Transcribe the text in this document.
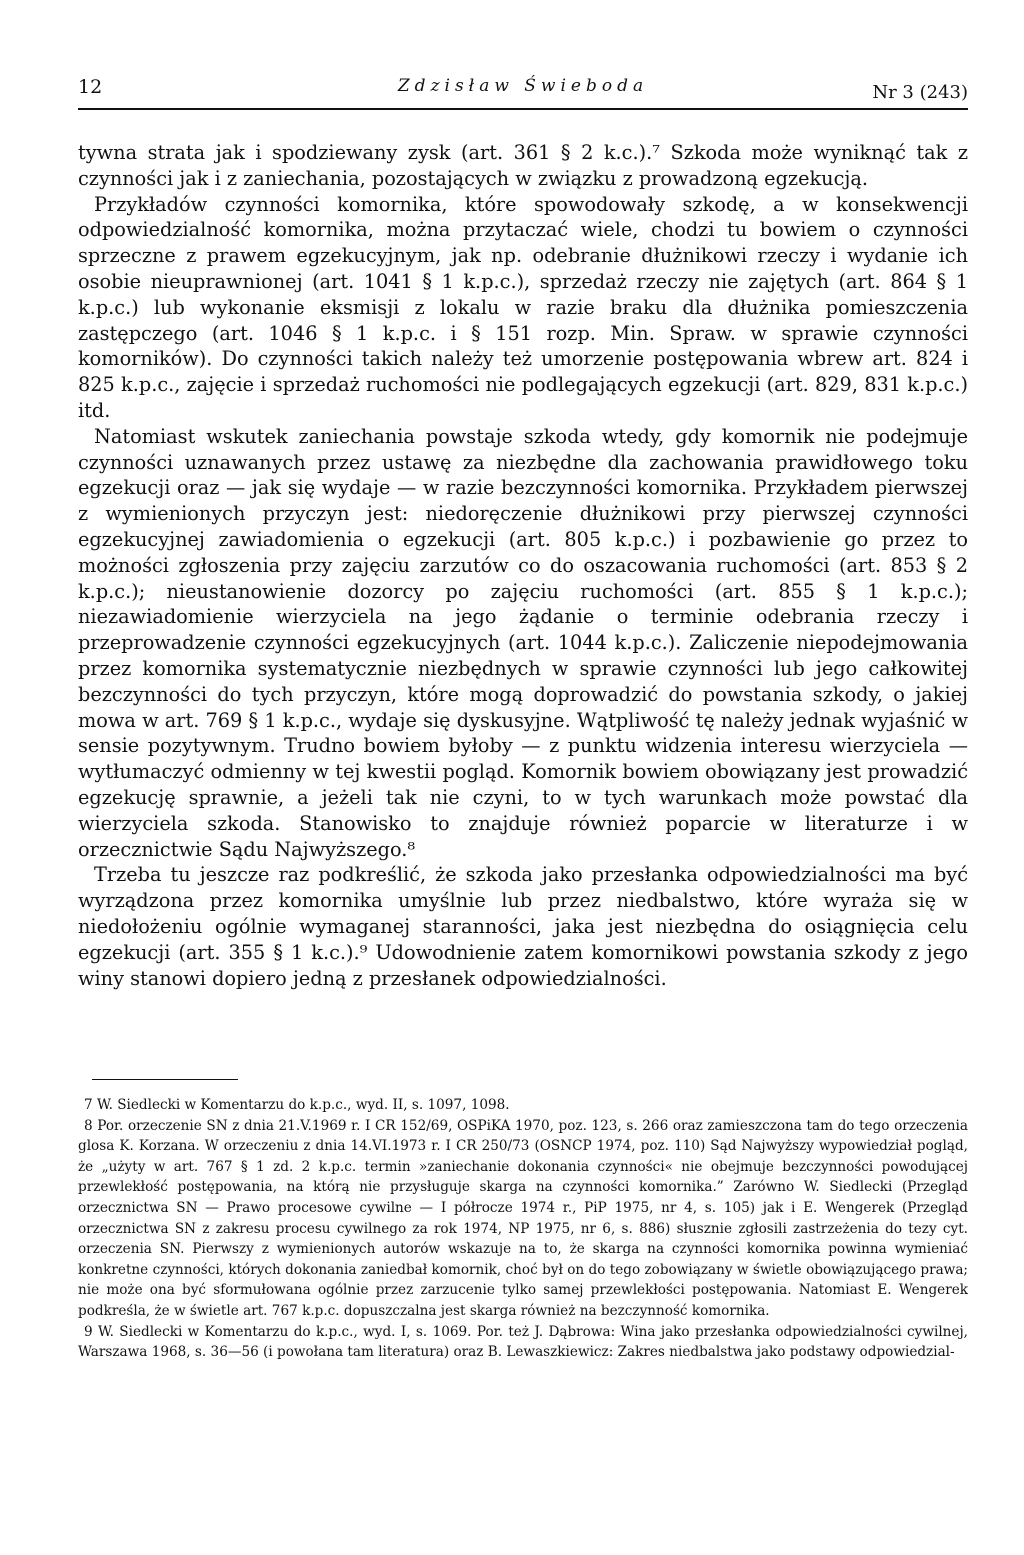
12	Zdzisław Świeboda	Nr 3 (243)

tywna strata jak i spodziewany zysk (art. 361 § 2 k.c.).⁷ Szkoda może wyniknąć tak z czynności jak i z zaniechania, pozostających w związku z prowadzoną egzekucją.

Przykładów czynności komornika, które spowodowały szkodę, a w konsekwencji odpowiedzialność komornika, można przytaczać wiele, chodzi tu bowiem o czynności sprzeczne z prawem egzekucyjnym, jak np. odebranie dłużnikowi rzeczy i wydanie ich osobie nieuprawnionej (art. 1041 § 1 k.p.c.), sprzedaż rzeczy nie zajętych (art. 864 § 1 k.p.c.) lub wykonanie eksmisji z lokalu w razie braku dla dłużnika pomieszczenia zastępczego (art. 1046 § 1 k.p.c. i § 151 rozp. Min. Spraw. w sprawie czynności komorników). Do czynności takich należy też umorzenie postępowania wbrew art. 824 i 825 k.p.c., zajęcie i sprzedaż ruchomości nie podlegających egzekucji (art. 829, 831 k.p.c.) itd.

Natomiast wskutek zaniechania powstaje szkoda wtedy, gdy komornik nie podejmuje czynności uznawanych przez ustawę za niezbędne dla zachowania prawidłowego toku egzekucji oraz — jak się wydaje — w razie bezczynności komornika. Przykładem pierwszej z wymienionych przyczyn jest: niedoręczenie dłużnikowi przy pierwszej czynności egzekucyjnej zawiadomienia o egzekucji (art. 805 k.p.c.) i pozbawienie go przez to możności zgłoszenia przy zajęciu zarzutów co do oszacowania ruchomości (art. 853 § 2 k.p.c.); nieustanowienie dozorcy po zajęciu ruchomości (art. 855 § 1 k.p.c.); niezawiadomienie wierzyciela na jego żądanie o terminie odebrania rzeczy i przeprowadzenie czynności egzekucyjnych (art. 1044 k.p.c.). Zaliczenie niepodejmowania przez komornika systematycznie niezbędnych w sprawie czynności lub jego całkowitej bezczynności do tych przyczyn, które mogą doprowadzić do powstania szkody, o jakiej mowa w art. 769 § 1 k.p.c., wydaje się dyskusyjne. Wątpliwość tę należy jednak wyjaśnić w sensie pozytywnym. Trudno bowiem byłoby — z punktu widzenia interesu wierzyciela — wytłumaczyć odmienny w tej kwestii pogląd. Komornik bowiem obowiązany jest prowadzić egzekucję sprawnie, a jeżeli tak nie czyni, to w tych warunkach może powstać dla wierzyciela szkoda. Stanowisko to znajduje również poparcie w literaturze i w orzecznictwie Sądu Najwyższego.⁸

Trzeba tu jeszcze raz podkreślić, że szkoda jako przesłanka odpowiedzialności ma być wyrządzona przez komornika umyślnie lub przez niedbalstwo, które wyraża się w niedołożeniu ogólnie wymaganej staranności, jaka jest niezbędna do osiągnięcia celu egzekucji (art. 355 § 1 k.c.).⁹ Udowodnienie zatem komornikowi powstania szkody z jego winy stanowi dopiero jedną z przesłanek odpowiedzialności.

7 W. Siedlecki w Komentarzu do k.p.c., wyd. II, s. 1097, 1098.

8 Por. orzeczenie SN z dnia 21.V.1969 r. I CR 152/69, OSPiKA 1970, poz. 123, s. 266 oraz zamieszczona tam do tego orzeczenia glosa K. Korzana. W orzeczeniu z dnia 14.VI.1973 r. I CR 250/73 (OSNCP 1974, poz. 110) Sąd Najwyższy wypowiedział pogląd, że „użyty w art. 767 § 1 zd. 2 k.p.c. termin »zaniechanie dokonania czynności« nie obejmuje bezczynności powodującej przewlekłość postępowania, na którą nie przysługuje skarga na czynności komornika.” Zarówno W. Siedlecki (Przegląd orzecznictwa SN — Prawo procesowe cywilne — I półrocze 1974 r., PiP 1975, nr 4, s. 105) jak i E. Wengerek (Przegląd orzecznictwa SN z zakresu procesu cywilnego za rok 1974, NP 1975, nr 6, s. 886) słusznie zgłosili zastrzeżenia do tezy cyt. orzeczenia SN. Pierwszy z wymienionych autorów wskazuje na to, że skarga na czynności komornika powinna wymieniać konkretne czynności, których dokonania zaniedbał komornik, choć był on do tego zobowiązany w świetle obowiązującego prawa; nie może ona być sformułowana ogólnie przez zarzucenie tylko samej przewlekłości postępowania. Natomiast E. Wengerek podkreśla, że w świetle art. 767 k.p.c. dopuszczalna jest skarga również na bezczynność komornika.

9 W. Siedlecki w Komentarzu do k.p.c., wyd. I, s. 1069. Por. też J. Dąbrowa: Wina jako przesłanka odpowiedzialności cywilnej, Warszawa 1968, s. 36—56 (i powołana tam literatura) oraz B. Lewaszkiewicz: Zakres niedbalstwa jako podstawy odpowiedzial-
